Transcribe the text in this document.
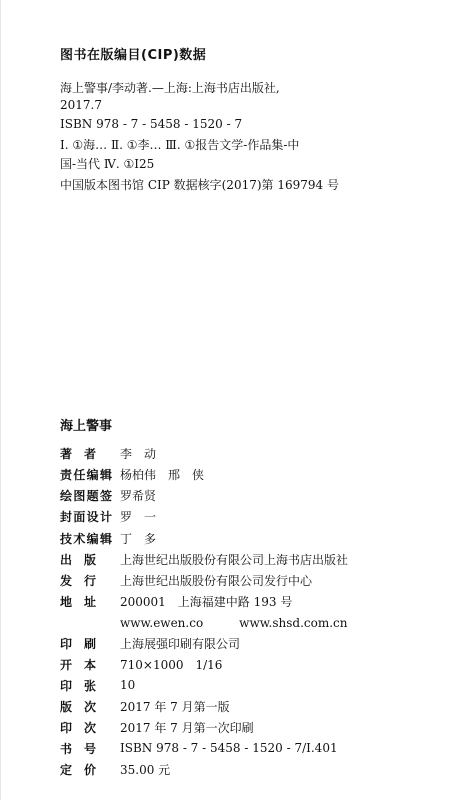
图书在版编目(CIP)数据
海上警事/李动著.—上海:上海书店出版社,
2017.7
ISBN 978 - 7 - 5458 - 1520 - 7
Ⅰ. ①海… Ⅱ. ①李… Ⅲ. ①报告文学-作品集-中
国-当代 Ⅳ. ①I25
中国版本图书馆 CIP 数据核字(2017)第 169794 号
海上警事
著 者 李　动
责 任 编 辑 杨柏伟　邢　侠
绘 图 题 签 罗希贤
封 面 设 计 罗　一
技 术 编 辑 丁　多
出 版 上海世纪出版股份有限公司上海书店出版社
发 行 上海世纪出版股份有限公司发行中心
地 址 200001　上海福建中路 193 号
www.ewen.co　　　www.shsd.com.cn
印 刷 上海展强印刷有限公司
开 本 710×1000　1/16
印 张 10
版 次 2017 年 7 月第一版
印 次 2017 年 7 月第一次印刷
书 号 ISBN 978 - 7 - 5458 - 1520 - 7/I.401
定 价 35.00 元
